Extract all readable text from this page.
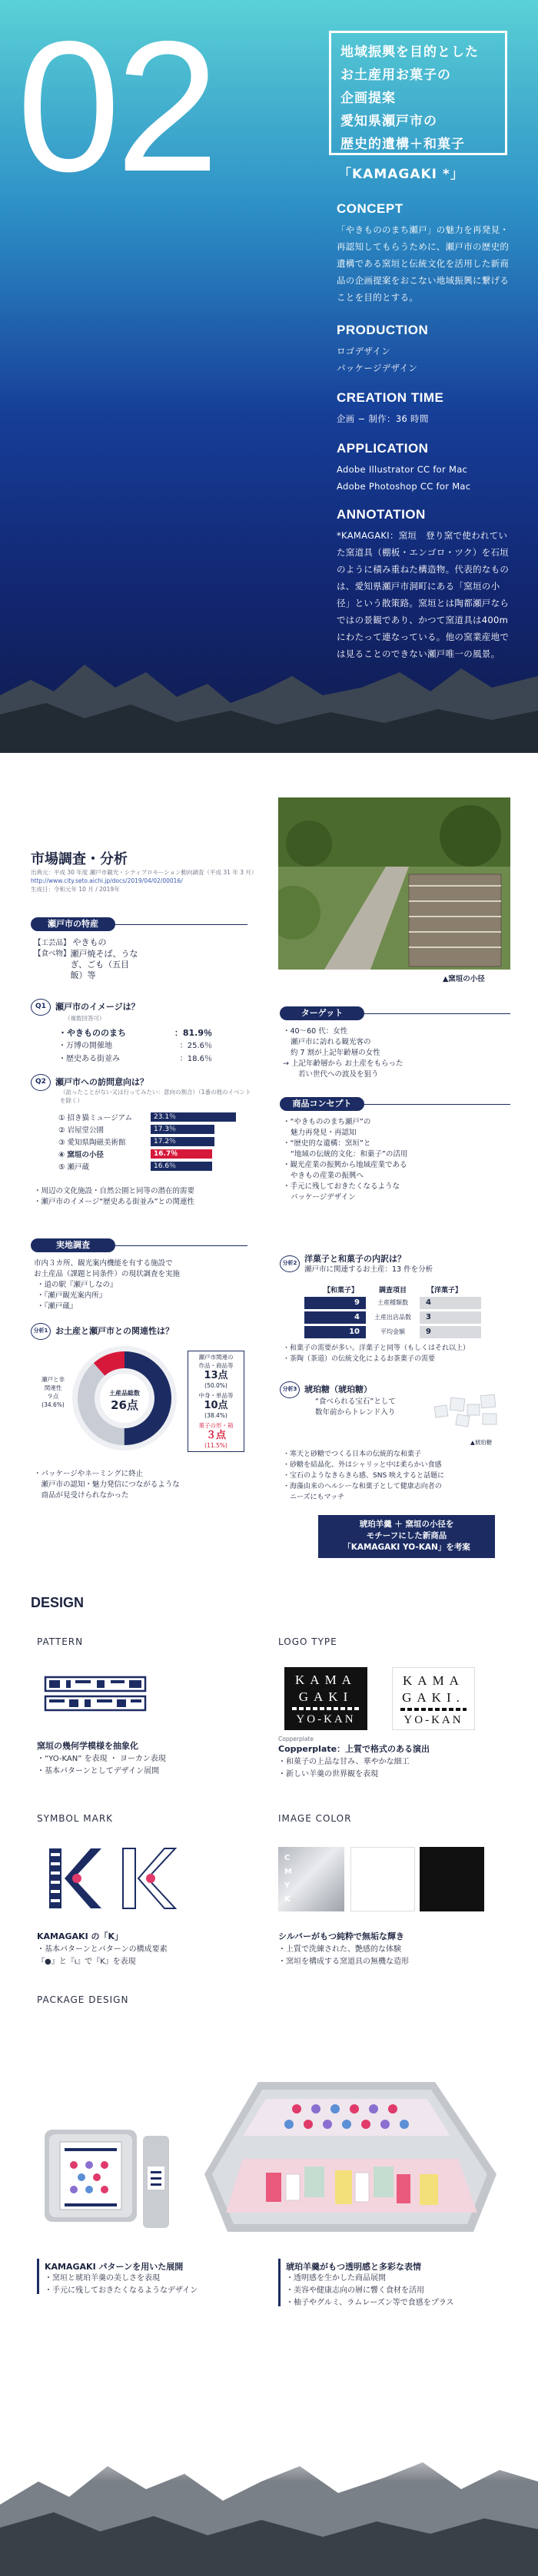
02	地域振興を目的とした
お土産用お菓子の
企画提案
愛知県瀬戸市の
歴史的遺構＋和菓子
「KAMAGAKI *」
CONCEPT

「やきもののまち瀬戸」の魅力を再発見・再認知してもらうために、瀬戸市の歴史的遺構である窯垣と伝統文化を活用した新商品の企画提案をおこない地域振興に繋げることを目的とする。

PRODUCTION

ロゴデザイン

パッケージデザイン

CREATION TIME

企画 − 制作：36 時間

APPLICATION

Adobe Illustrator CC for Mac

Adobe Photoshop CC for Mac

ANNOTATION

*KAMAGAKI：窯垣　登り窯で使われていた窯道具（棚板・エンゴロ・ツク）を石垣のように積み重ねた構造物。代表的なものは、愛知県瀬戸市洞町にある「窯垣の小径」という散策路。窯垣とは陶都瀬戸ならではの景観であり、かつて窯道具は400m にわたって連なっている。他の窯業産地では見ることのできない瀬戸唯一の風景。

▲窯垣の小径
市場調査・分析
出典元：平成 30 年度 瀬戸市観光・シティプロモーション動向調査（平成 31 年 3 月）
http://www.city.seto.aichi.jp/docs/2019/04/02/00016/
生成日：令和元年 10 月 / 2019年
瀬戸市の特産
【工芸品】 やきもの
【食べ物】 瀬戸焼そば、うなぎ、ごも（五目飯）等
Q1	瀬戸市のイメージは？
（複数回答可）
・やきもののまち	：81.9％
・万博の開催地	：25.6％
・歴史ある街並み	：18.6％
Q2	瀬戸市への訪問意向は？
（訪ったことがない又は行ってみたい：意向の割合）（1番の他のイベントを除く）
① 招き猫ミュージアム	23.1％
② 岩屋堂公園	17.3％
③ 愛知県陶磁美術館	17.2％
④ 窯垣の小径	16.7％
⑤ 瀬戸蔵	16.6％
・周辺の文化施設・自然公園と同等の潜在的需要
・瀬戸市のイメージ“歴史ある街並み”との関連性
ターゲット
・40〜60 代：女性
瀬戸市に訪れる観光客の
約 7 割が上記年齢層の女性
→ 上記年齢層から お土産をもらった
若い世代への波及を狙う
商品コンセプト
・“やきもののまち瀬戸”の
魅力再発見・再認知
・“歴史的な遺構：窯垣”と
“地域の伝統的文化：和菓子”の活用
・観光産業の振興から地域産業である
やきもの産業の振興へ
・手元に残しておきたくなるような
パッケージデザイン
実地調査
市内３カ所、観光案内機能を有する施設で
お土産品（課題と同条件）の現状調査を実施
・道の駅『瀬戸しなの』
・『瀬戸観光案内所』
・『瀬戸蔵』
分析1 お土産と瀬戸市との関連性は？
瀬戸と非
関連性
９点
(34.6%)
土産品総数
26点
瀬戸市関連の
作品・商品等
13点
(50.0%)
中身・単品等
10点
(38.4%)
菓子の形・箱
３点
(11.5%)
・パッケージやネーミングに終止
　瀬戸市の認知・魅力発信につながるような
　商品が見受けられなかった
分析2 洋菓子と和菓子の内訳は？
瀬戸市に関連するお土産：13 件を分析
【和菓子】	調査項目	【洋菓子】
9	土産種類数	4
4	土産出店品数	3
10	平均金額	9
・和菓子の需要が多い。洋菓子と同等（もしくはそれ以上）
・茶陶（茶道）の伝統文化によるお茶菓子の需要
分析3 琥珀糖（琥珀糖）
“食べられる宝石”として
数年前からトレンド入り
▲琥珀糖
・寒天と砂糖でつくる日本の伝統的な和菓子
・砂糖を結晶化、外はシャリッと中は柔らかい食感
・宝石のようなきらきら感、SNS 映えすると話題に
・海藻由来のヘルシーな和菓子として健康志向者の
　ニーズにもマッチ
琥珀羊羹 ＋ 窯垣の小径を
モチーフにした新商品
「KAMAGAKI YO-KAN」を考案
DESIGN
PATTERN
窯垣の幾何学模様を抽象化
・“YO-KAN” を表現 ・ ヨーカン表現
・基本パターンとしてデザイン展開
LOGO TYPE
KAMA
GAKI
YO-KAN
KAMA
GAKI.
YO-KAN
Copperplate
Copperplate：上質で格式のある演出
・和菓子の上品な甘み、華やかな細工
・新しい羊羹の世界観を表現
SYMBOL MARK
KAMAGAKI の「K」
・基本パターンとパターンの構成要素
『●』と『ι』で『K』を表現
IMAGE COLOR
C
M
Y
K
シルバーがもつ純粋で無垢な輝き
・上質で洗練された、艶感的な体験
・窯垣を構成する窯道具の無機な造形
PACKAGE DESIGN
KAMAGAKI パターンを用いた展開
・窯垣と琥珀羊羹の美しさを表現
・手元に残しておきたくなるようなデザイン
琥珀羊羹がもつ透明感と多彩な表情
・透明感を生かした商品展開
・美容や健康志向の層に響く食材を活用
・柚子やグルミ、ラムレーズン等で食感をプラス
